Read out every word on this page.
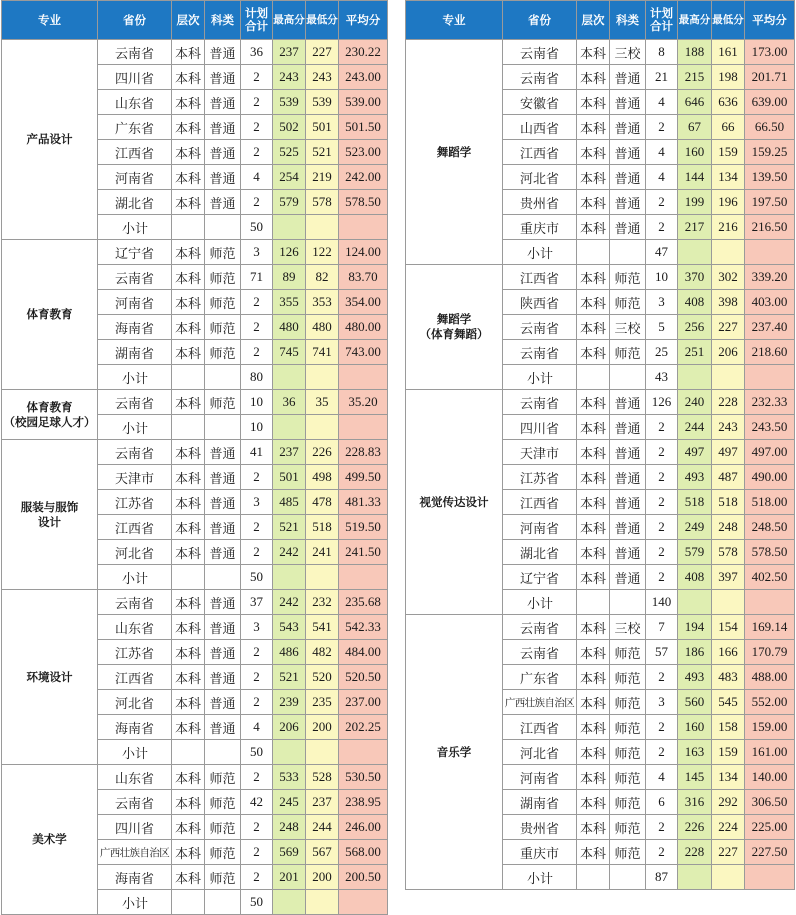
专业	省份	层次	科类	计划合计	最高分	最低分	平均分
产品设计	云南省	本科	普通	36	237	227	230.22
	四川省	本科	普通	2	243	243	243.00
	山东省	本科	普通	2	539	539	539.00
	广东省	本科	普通	2	502	501	501.50
	江西省	本科	普通	2	525	521	523.00
	河南省	本科	普通	4	254	219	242.00
	湖北省	本科	普通	2	579	578	578.50
	小计			50			
体育教育	辽宁省	本科	师范	3	126	122	124.00
	云南省	本科	师范	71	89	82	83.70
	河南省	本科	师范	2	355	353	354.00
	海南省	本科	师范	2	480	480	480.00
	湖南省	本科	师范	2	745	741	743.00
	小计			80			

体育教育
（校园足球人才）	云南省	本科	师范	10	36	35	35.20
	小计			10			

服装与服饰
设计	云南省	本科	普通	41	237	226	228.83
	天津市	本科	普通	2	501	498	499.50
	江苏省	本科	普通	3	485	478	481.33
	江西省	本科	普通	2	521	518	519.50
	河北省	本科	普通	2	242	241	241.50
	小计			50			
环境设计	云南省	本科	普通	37	242	232	235.68
	山东省	本科	普通	3	543	541	542.33
	江苏省	本科	普通	2	486	482	484.00
	江西省	本科	普通	2	521	520	520.50
	河北省	本科	普通	2	239	235	237.00
	海南省	本科	普通	4	206	200	202.25
	小计			50			
美术学	山东省	本科	师范	2	533	528	530.50
	云南省	本科	师范	42	245	237	238.95
	四川省	本科	师范	2	248	244	246.00
	广西壮族自治区	本科	师范	2	569	567	568.00
	海南省	本科	师范	2	201	200	200.50
	小计			50			
专业	省份	层次	科类	计划合计	最高分	最低分	平均分
舞蹈学	云南省	本科	三校	8	188	161	173.00
	云南省	本科	普通	21	215	198	201.71
	安徽省	本科	普通	4	646	636	639.00
	山西省	本科	普通	2	67	66	66.50
	江西省	本科	普通	4	160	159	159.25
	河北省	本科	普通	4	144	134	139.50
	贵州省	本科	普通	2	199	196	197.50
	重庆市	本科	普通	2	217	216	216.50
	小计			47			

舞蹈学
（体育舞蹈）	江西省	本科	师范	10	370	302	339.20
	陕西省	本科	师范	3	408	398	403.00
	云南省	本科	三校	5	256	227	237.40
	云南省	本科	师范	25	251	206	218.60
	小计			43			
视觉传达设计	云南省	本科	普通	126	240	228	232.33
	四川省	本科	普通	2	244	243	243.50
	天津市	本科	普通	2	497	497	497.00
	江苏省	本科	普通	2	493	487	490.00
	江西省	本科	普通	2	518	518	518.00
	河南省	本科	普通	2	249	248	248.50
	湖北省	本科	普通	2	579	578	578.50
	辽宁省	本科	普通	2	408	397	402.50
	小计			140			
音乐学	云南省	本科	三校	7	194	154	169.14
	云南省	本科	师范	57	186	166	170.79
	广东省	本科	师范	2	493	483	488.00
	广西壮族自治区	本科	师范	3	560	545	552.00
	江西省	本科	师范	2	160	158	159.00
	河北省	本科	师范	2	163	159	161.00
	河南省	本科	师范	4	145	134	140.00
	湖南省	本科	师范	6	316	292	306.50
	贵州省	本科	师范	2	226	224	225.00
	重庆市	本科	师范	2	228	227	227.50
	小计			87			
